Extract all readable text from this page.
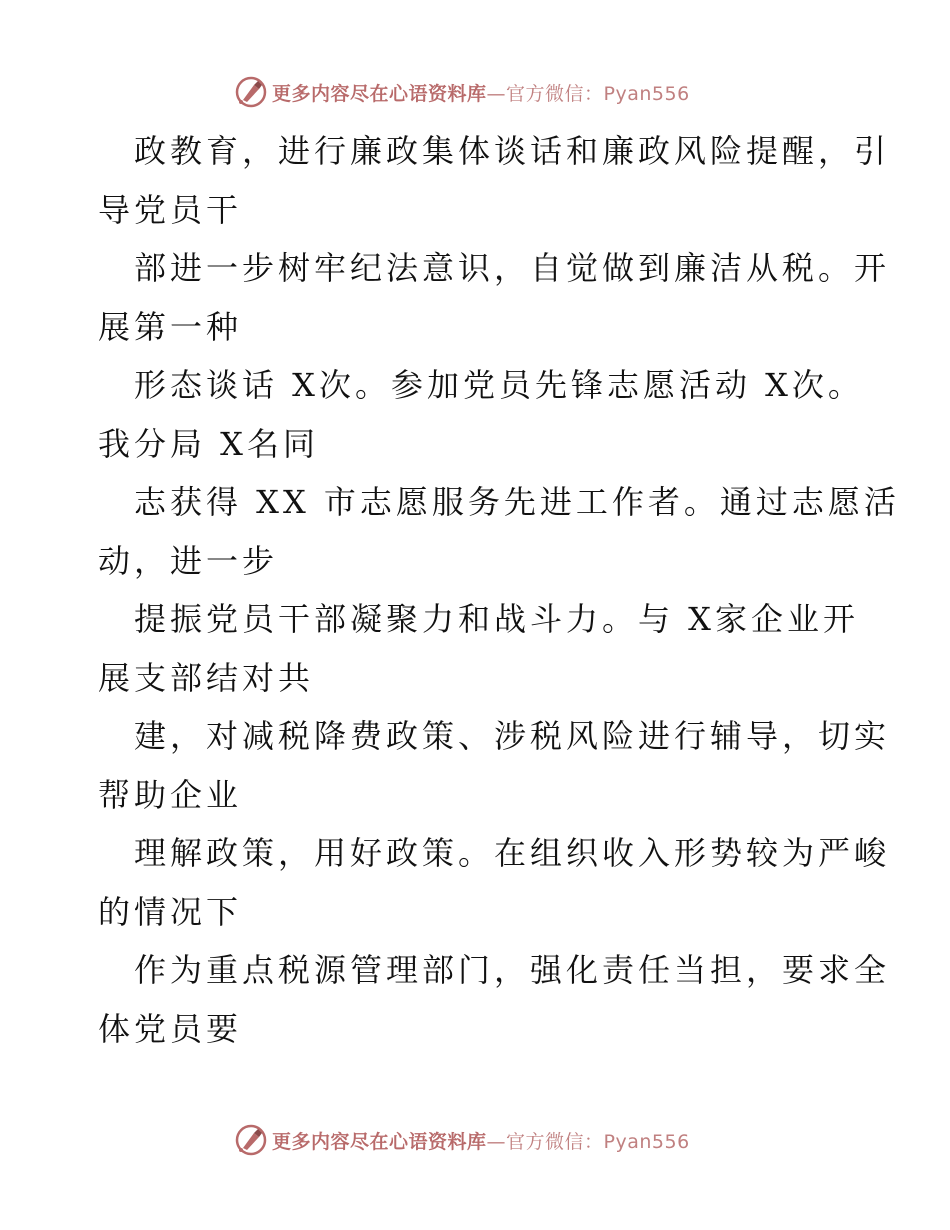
更多内容尽在心语资料库 —官方微信：Pyan556
政教育，进行廉政集体谈话和廉政风险提醒，引
导党员干
部进一步树牢纪法意识，自觉做到廉洁从税。开
展第一种
形态谈话 X次。参加党员先锋志愿活动 X次。
我分局 X名同
志获得 XX 市志愿服务先进工作者。通过志愿活
动，进一步
提振党员干部凝聚力和战斗力。与 X家企业开
展支部结对共
建，对减税降费政策、涉税风险进行辅导，切实
帮助企业
理解政策，用好政策。在组织收入形势较为严峻
的情况下
作为重点税源管理部门，强化责任当担，要求全
体党员要
更多内容尽在心语资料库 —官方微信：Pyan556
